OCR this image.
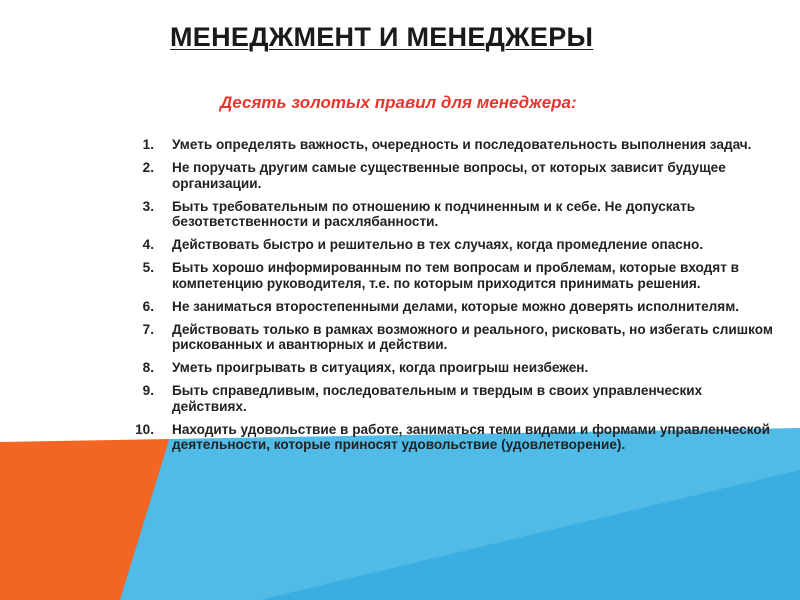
МЕНЕДЖМЕНТ И МЕНЕДЖЕРЫ
Десять золотых правил для менеджера:
1. Уметь определять важность, очередность и последовательность выполнения задач.
2. Не поручать другим самые существенные вопросы, от которых зависит будущее организации.
3. Быть требовательным по отношению к подчиненным и к себе. Не допускать безответственности и расхлябанности.
4. Действовать быстро и решительно в тех случаях, когда промедление опасно.
5. Быть хорошо информированным по тем вопросам и проблемам, которые входят в компетенцию руководителя, т.е. по которым приходится принимать решения.
6. Не заниматься второстепенными делами, которые можно доверять исполнителям.
7. Действовать только в рамках возможного и реального, рисковать, но избегать слишком рискованных и авантюрных и действии.
8. Уметь проигрывать в ситуациях, когда проигрыш неизбежен.
9. Быть справедливым, последовательным и твердым в своих управленческих действиях.
10. Находить удовольствие в работе, заниматься теми видами и формами управленческой деятельности, которые приносят удовольствие (удовлетворение).
